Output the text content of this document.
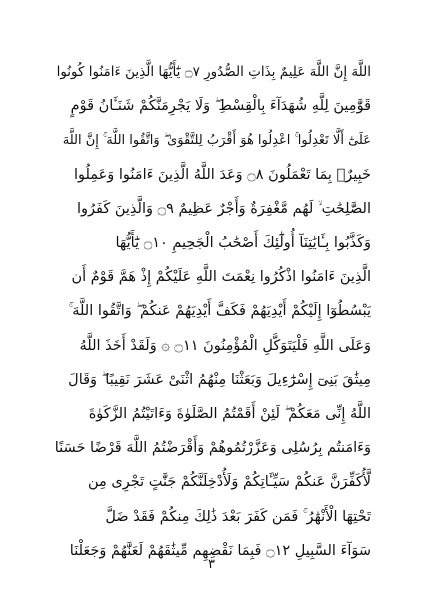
اللَّهَ إِنَّ اللَّهَ عَلِيمٌ بِذَاتِ الصُّدُورِ ۝٧ يَٰٓأَيُّهَا الَّذِينَ ءَامَنُوا كُونُوا
قَوَّٰمِينَ لِلَّهِ شُهَدَآءَ بِالْقِسْطِ ۖ وَلَا يَجْرِمَنَّكُمْ شَنَـَٔانُ قَوْمٍ
عَلَىٰٓ أَلَّا تَعْدِلُوا ۚ اعْدِلُوا هُوَ أَقْرَبُ لِلتَّقْوَىٰ ۖ وَاتَّقُوا اللَّهَ ۚ إِنَّ اللَّهَ
خَبِيرٌۢ بِمَا تَعْمَلُونَ ۝٨ وَعَدَ اللَّهُ الَّذِينَ ءَامَنُوا وَعَمِلُوا
الصَّٰلِحَٰتِ ۙ لَهُم مَّغْفِرَةٌ وَأَجْرٌ عَظِيمٌ ۝٩ وَالَّذِينَ كَفَرُوا
وَكَذَّبُوا بِـَٔايَٰتِنَآ أُولَٰٓئِكَ أَصْحَٰبُ الْجَحِيمِ ۝١٠ يَٰٓأَيُّهَا
الَّذِينَ ءَامَنُوا اذْكُرُوا نِعْمَتَ اللَّهِ عَلَيْكُمْ إِذْ هَمَّ قَوْمٌ أَن
يَبْسُطُوٓا إِلَيْكُمْ أَيْدِيَهُمْ فَكَفَّ أَيْدِيَهُمْ عَنكُمْ ۖ وَاتَّقُوا اللَّهَ ۚ
وَعَلَى اللَّهِ فَلْيَتَوَكَّلِ الْمُؤْمِنُونَ ۝١١ ۞ وَلَقَدْ أَخَذَ اللَّهُ
مِيثَٰقَ بَنِىٓ إِسْرَٰٓءِيلَ وَبَعَثْنَا مِنْهُمُ اثْنَىْ عَشَرَ نَقِيبًا ۖ وَقَالَ
اللَّهُ إِنِّى مَعَكُمْ ۖ لَئِنْ أَقَمْتُمُ الصَّلَوٰةَ وَءَاتَيْتُمُ الزَّكَوٰةَ
وَءَامَنتُم بِرُسُلِى وَعَزَّرْتُمُوهُمْ وَأَقْرَضْتُمُ اللَّهَ قَرْضًا حَسَنًا
لَّأُكَفِّرَنَّ عَنكُمْ سَيِّـَٔاتِكُمْ وَلَأُدْخِلَنَّكُمْ جَنَّٰتٍ تَجْرِى مِن
تَحْتِهَا الْأَنْهَٰرُ ۚ فَمَن كَفَرَ بَعْدَ ذَٰلِكَ مِنكُمْ فَقَدْ ضَلَّ
سَوَآءَ السَّبِيلِ ۝١٢ فَبِمَا نَقْضِهِم مِّيثَٰقَهُمْ لَعَنَّٰهُمْ وَجَعَلْنَا
٣
